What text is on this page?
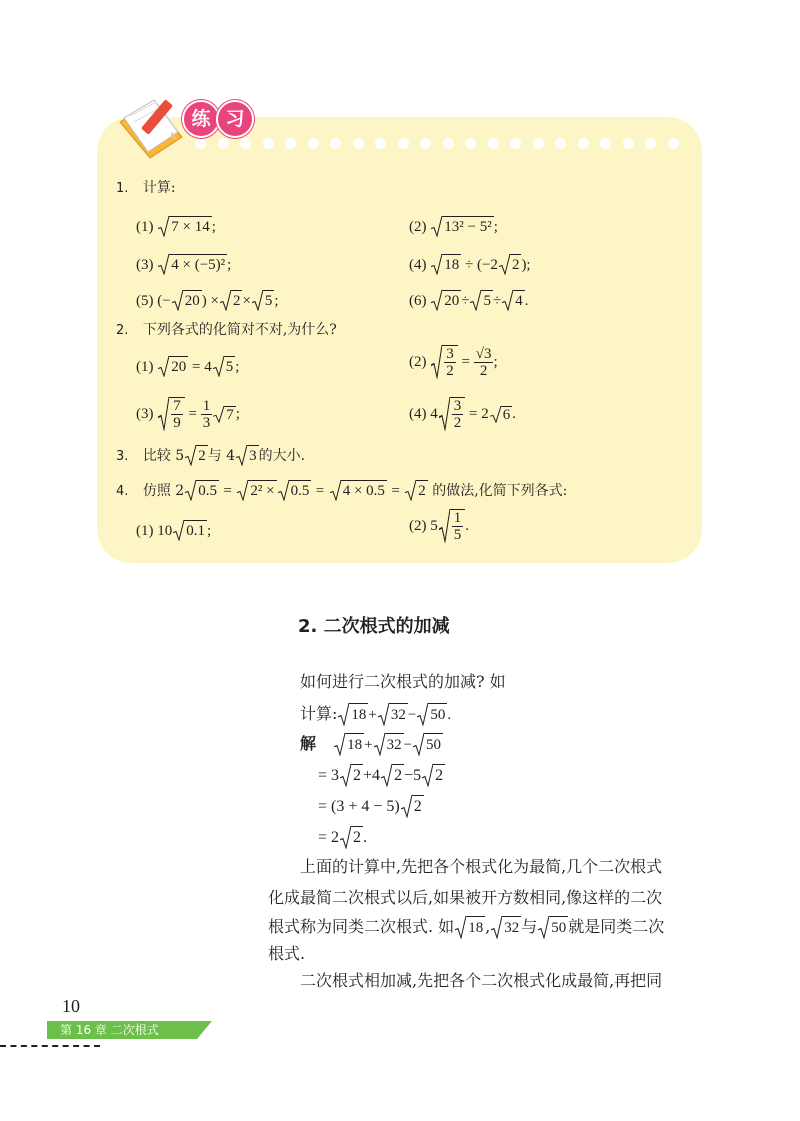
练 习
1. 计算:
(1) 7 × 14 ;	(2) 13² − 5² ;
(3) 4 × (−5)² ;	(4) 18 ÷ (−2 2 );
(5) (− 20 ) × 2 × 5 ;	(6) 20 ÷ 5 ÷ 4 .
2. 下列各式的化简对不对,为什么?
(1) 20 = 4 5 ;	$(2) \frac{3}{2} = \frac{√3}{2}$ ;
$(3) \frac{7}{9} = \frac{1}{3} 7$ ;	(4) $4 \frac{3}{2} = 2$ 6 .
3. 比较 5 2 与 4 3 的大小.
4. 仿照 2 0.5 = 2² × 0.5 = 4 × 0.5 = 2 的做法,化简下列各式:
(1) 10 0.1 ;	(2) $5 \frac{1}{5}$ .
2. 二次根式的加减
如何进行二次根式的加减? 如
计算: 18 + 32 − 50 .
解 18 + 32 − 50
= 3 2 +4 2 −5 2
= (3 + 4 − 5) 2
= 2 2 .
上面的计算中,先把各个根式化为最简,几个二次根式
化成最简二次根式以后,如果被开方数相同,像这样的二次
根式称为同类二次根式. 如 18 , 32 与 50 就是同类二次
根式.
二次根式相加减,先把各个二次根式化成最简,再把同
10
第 16 章 二次根式
